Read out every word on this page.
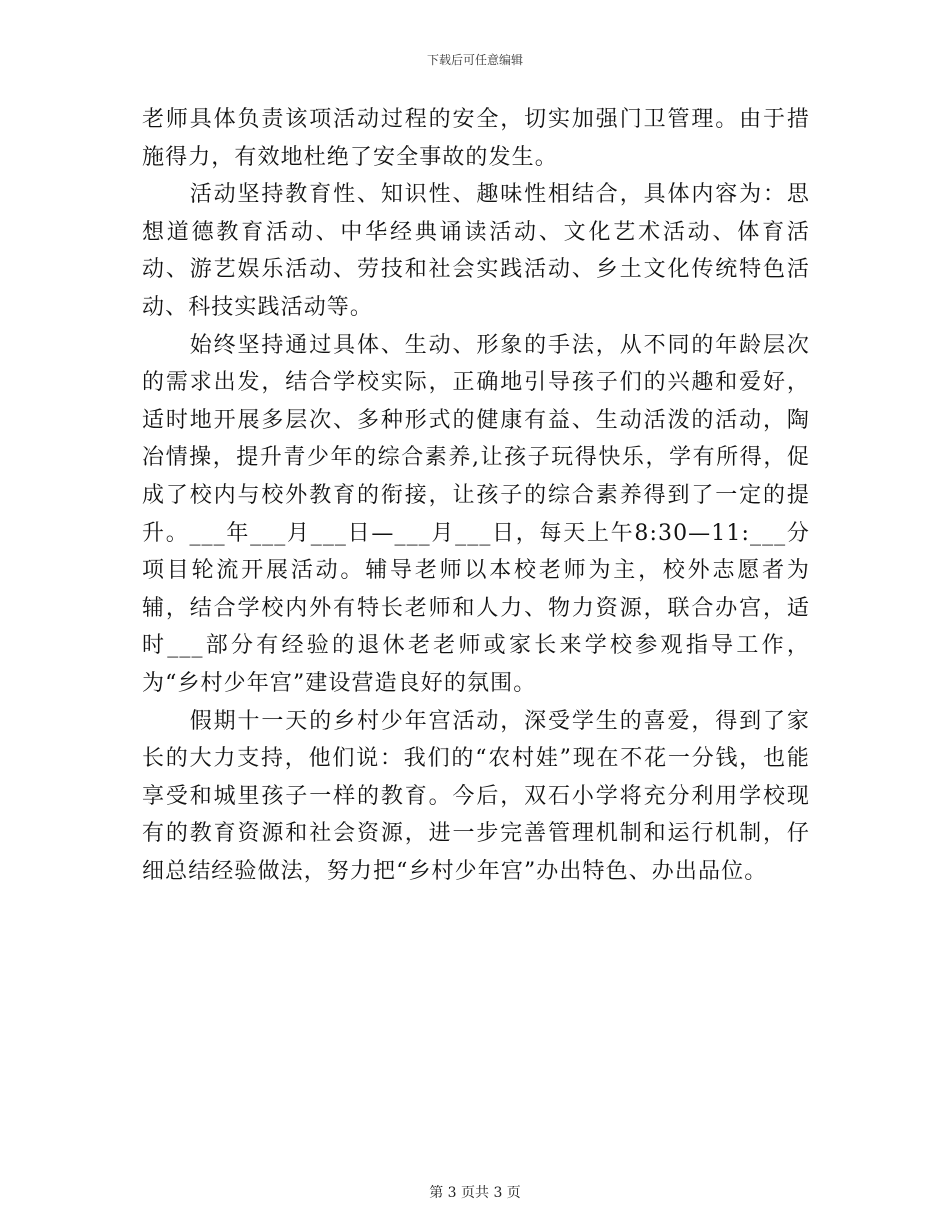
下载后可任意编辑

老师具体负责该项活动过程的安全，切实加强门卫管理。由于措施得力，有效地杜绝了安全事故的发生。

　　活动坚持教育性、知识性、趣味性相结合，具体内容为：思想道德教育活动、中华经典诵读活动、文化艺术活动、体育活动、游艺娱乐活动、劳技和社会实践活动、乡土文化传统特色活动、科技实践活动等。

　　始终坚持通过具体、生动、形象的手法，从不同的年龄层次的需求出发，结合学校实际，正确地引导孩子们的兴趣和爱好，适时地开展多层次、多种形式的健康有益、生动活泼的活动，陶冶情操，提升青少年的综合素养,让孩子玩得快乐，学有所得，促成了校内与校外教育的衔接，让孩子的综合素养得到了一定的提升。___年___月___日—___月___日，每天上午8:30—11:___分项目轮流开展活动。辅导老师以本校老师为主，校外志愿者为辅，结合学校内外有特长老师和人力、物力资源，联合办宫，适时___部分有经验的退休老老师或家长来学校参观指导工作，为“乡村少年宫”建设营造良好的氛围。

　　假期十一天的乡村少年宫活动，深受学生的喜爱，得到了家长的大力支持，他们说：我们的“农村娃”现在不花一分钱，也能享受和城里孩子一样的教育。今后，双石小学将充分利用学校现有的教育资源和社会资源，进一步完善管理机制和运行机制，仔细总结经验做法，努力把“乡村少年宫”办出特色、办出品位。

第 3 页共 3 页
